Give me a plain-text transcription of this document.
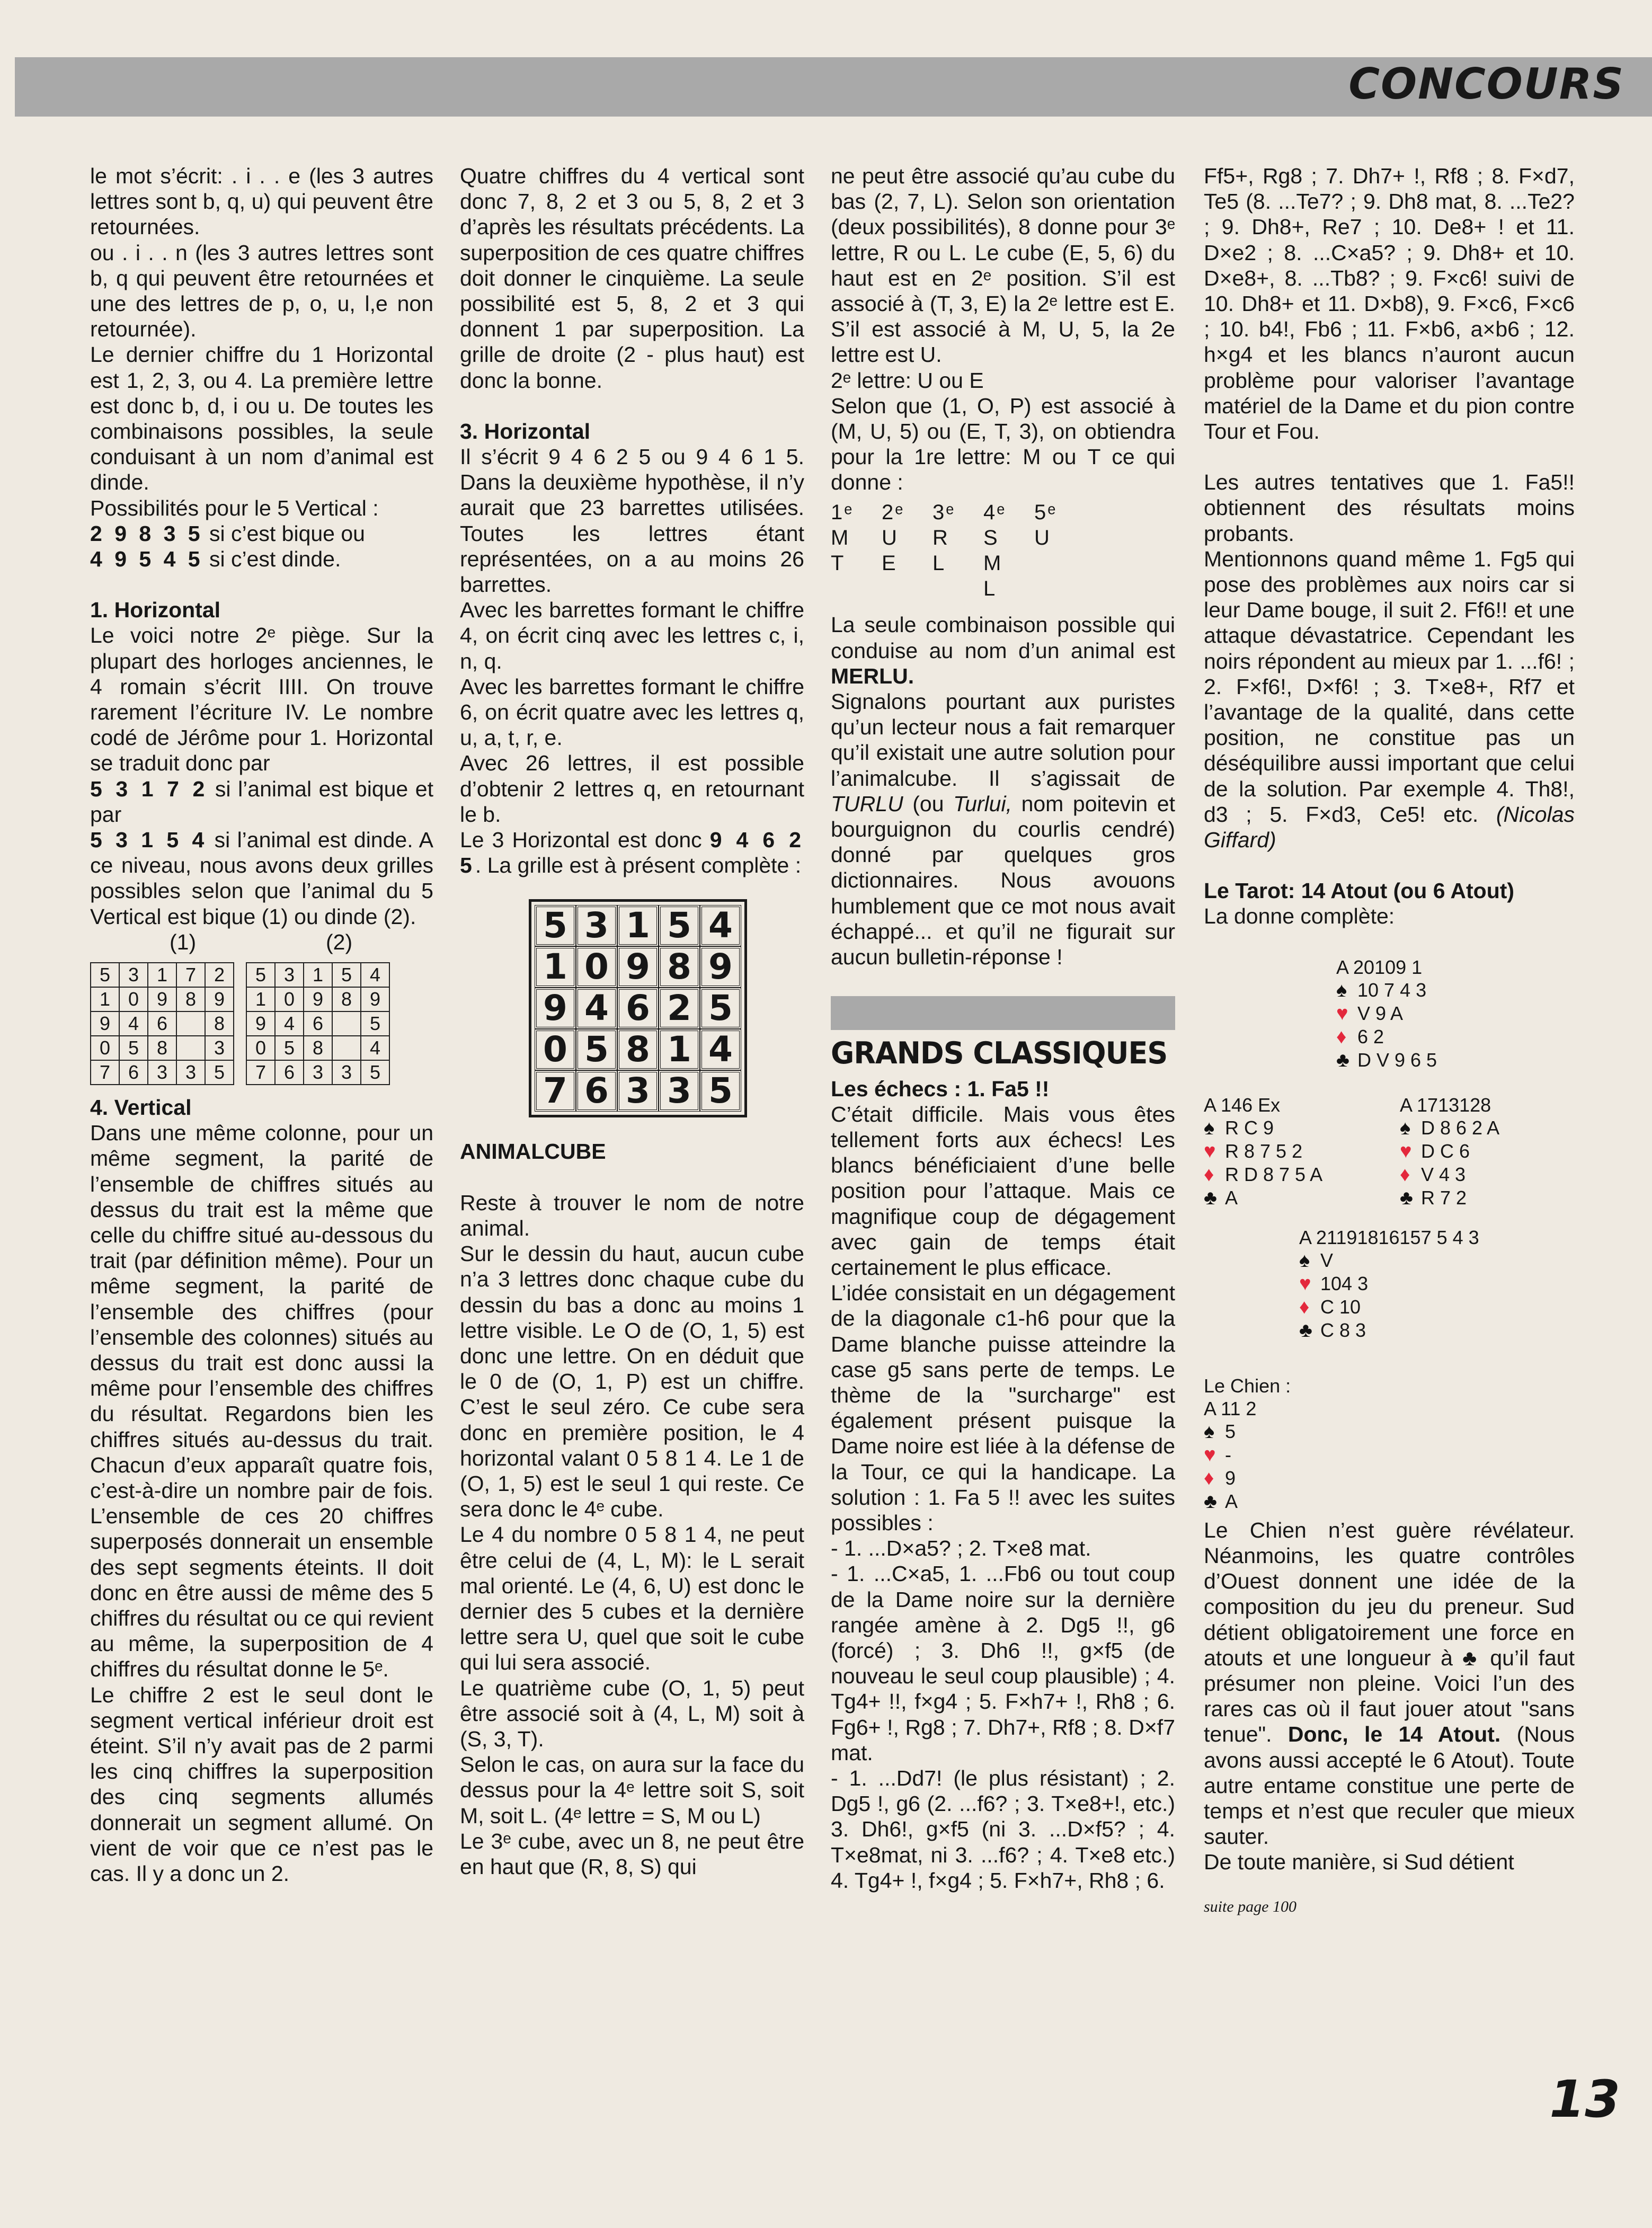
CONCOURS

le mot s’écrit: . i . . e (les 3 autres lettres sont b, q, u) qui peuvent être retournées.

ou . i . . n (les 3 autres lettres sont b, q qui peuvent être retournées et une des lettres de p, o, u, l,e non retournée).

Le dernier chiffre du 1 Horizontal est 1, 2, 3, ou 4. La première lettre est donc b, d, i ou u. De toutes les combinaisons possibles, la seule conduisant à un nom d’animal est dinde.

Possibilités pour le 5 Vertical :

2 9 8 3 5 si c’est bique ou

4 9 5 4 5 si c’est dinde.

1. Horizontal

Le voici notre 2ᵉ piège. Sur la plupart des horloges anciennes, le 4 romain s’écrit IIII. On trouve rarement l’écriture IV. Le nombre codé de Jérôme pour 1. Horizontal se traduit donc par

5 3 1 7 2 si l’animal est bique et par

5 3 1 5 4 si l’animal est dinde. A ce niveau, nous avons deux grilles possibles selon que l’animal du 5 Vertical est bique (1) ou dinde (2).

(1)	(2)
5	3	1	7	2
1	0	9	8	9
9	4	6		8
0	5	8		3
7	6	3	3	5
5	3	1	5	4
1	0	9	8	9
9	4	6		5
0	5	8		4
7	6	3	3	5

4. Vertical

Dans une même colonne, pour un même segment, la parité de l’ensemble de chiffres situés au dessus du trait est la même que celle du chiffre situé au-dessous du trait (par définition même). Pour un même segment, la parité de l’ensemble des chiffres (pour l’ensemble des colonnes) situés au dessus du trait est donc aussi la même pour l’ensemble des chiffres du résultat. Regardons bien les chiffres situés au-dessus du trait. Chacun d’eux apparaît quatre fois, c’est-à-dire un nombre pair de fois. L’ensemble de ces 20 chiffres superposés donnerait un ensemble des sept segments éteints. Il doit donc en être aussi de même des 5 chiffres du résultat ou ce qui revient au même, la superposition de 4 chiffres du résultat donne le 5ᵉ.

Le chiffre 2 est le seul dont le segment vertical inférieur droit est éteint. S’il n’y avait pas de 2 parmi les cinq chiffres la superposition des cinq segments allumés donnerait un segment allumé. On vient de voir que ce n’est pas le cas. Il y a donc un 2.

Quatre chiffres du 4 vertical sont donc 7, 8, 2 et 3 ou 5, 8, 2 et 3 d’après les résultats précédents. La superposition de ces quatre chiffres doit donner le cinquième. La seule possibilité est 5, 8, 2 et 3 qui donnent 1 par superposition. La grille de droite (2 - plus haut) est donc la bonne.

3. Horizontal

Il s’écrit 9 4 6 2 5 ou 9 4 6 1 5. Dans la deuxième hypothèse, il n’y aurait que 23 barrettes utilisées. Toutes les lettres étant représentées, on a au moins 26 barrettes.

Avec les barrettes formant le chiffre 4, on écrit cinq avec les lettres c, i, n, q.

Avec les barrettes formant le chiffre 6, on écrit quatre avec les lettres q, u, a, t, r, e.

Avec 26 lettres, il est possible d’obtenir 2 lettres q, en retournant le b.

Le 3 Horizontal est donc 9 4 6 2 5. La grille est à présent complète :

5	3	1	5	4
1	0	9	8	9
9	4	6	2	5
0	5	8	1	4
7	6	3	3	5

ANIMALCUBE

Reste à trouver le nom de notre animal.

Sur le dessin du haut, aucun cube n’a 3 lettres donc chaque cube du dessin du bas a donc au moins 1 lettre visible. Le O de (O, 1, 5) est donc une lettre. On en déduit que le 0 de (O, 1, P) est un chiffre. C’est le seul zéro. Ce cube sera donc en première position, le 4 horizontal valant 0 5 8 1 4. Le 1 de (O, 1, 5) est le seul 1 qui reste. Ce sera donc le 4ᵉ cube.

Le 4 du nombre 0 5 8 1 4, ne peut être celui de (4, L, M): le L serait mal orienté. Le (4, 6, U) est donc le dernier des 5 cubes et la dernière lettre sera U, quel que soit le cube qui lui sera associé.

Le quatrième cube (O, 1, 5) peut être associé soit à (4, L, M) soit à (S, 3, T).

Selon le cas, on aura sur la face du dessus pour la 4ᵉ lettre soit S, soit M, soit L. (4ᵉ lettre = S, M ou L)

Le 3ᵉ cube, avec un 8, ne peut être en haut que (R, 8, S) qui

ne peut être associé qu’au cube du bas (2, 7, L). Selon son orientation (deux possibilités), 8 donne pour 3ᵉ lettre, R ou L. Le cube (E, 5, 6) du haut est en 2ᵉ position. S’il est associé à (T, 3, E) la 2ᵉ lettre est E. S’il est associé à M, U, 5, la 2e lettre est U.

2ᵉ lettre: U ou E

Selon que (1, O, P) est associé à (M, U, 5) ou (E, T, 3), on obtiendra pour la 1re lettre: M ou T ce qui donne :

1ᵉ	2ᵉ	3ᵉ	4ᵉ	5ᵉ
M	U	R	S	U
T	E	L	M	
			L	

La seule combinaison possible qui conduise au nom d’un animal est MERLU.

Signalons pourtant aux puristes qu’un lecteur nous a fait remarquer qu’il existait une autre solution pour l’animalcube. Il s’agissait de TURLU (ou Turlui, nom poitevin et bourguignon du courlis cendré) donné par quelques gros dictionnaires. Nous avouons humblement que ce mot nous avait échappé... et qu’il ne figurait sur aucun bulletin-réponse !

GRANDS CLASSIQUES

Les échecs : 1. Fa5 !!

C’était difficile. Mais vous êtes tellement forts aux échecs! Les blancs bénéficiaient d’une belle position pour l’attaque. Mais ce magnifique coup de dégagement avec gain de temps était certainement le plus efficace.

L’idée consistait en un dégagement de la diagonale c1-h6 pour que la Dame blanche puisse atteindre la case g5 sans perte de temps. Le thème de la "surcharge" est également présent puisque la Dame noire est liée à la défense de la Tour, ce qui la handicape. La solution : 1. Fa 5 !! avec les suites possibles :

- 1. ...D×a5? ; 2. T×e8 mat.

- 1. ...C×a5, 1. ...Fb6 ou tout coup de la Dame noire sur la dernière rangée amène à 2. Dg5 !!, g6 (forcé) ; 3. Dh6 !!, g×f5 (de nouveau le seul coup plausible) ; 4. Tg4+ !!, f×g4 ; 5. F×h7+ !, Rh8 ; 6. Fg6+ !, Rg8 ; 7. Dh7+, Rf8 ; 8. D×f7 mat.

- 1. ...Dd7! (le plus résistant) ; 2. Dg5 !, g6 (2. ...f6? ; 3. T×e8+!, etc.) 3. Dh6!, g×f5 (ni 3. ...D×f5? ; 4. T×e8mat, ni 3. ...f6? ; 4. T×e8 etc.) 4. Tg4+ !, f×g4 ; 5. F×h7+, Rh8 ; 6.

Ff5+, Rg8 ; 7. Dh7+ !, Rf8 ; 8. F×d7, Te5 (8. ...Te7? ; 9. Dh8 mat, 8. ...Te2? ; 9. Dh8+, Re7 ; 10. De8+ ! et 11. D×e2 ; 8. ...C×a5? ; 9. Dh8+ et 10. D×e8+, 8. ...Tb8? ; 9. F×c6! suivi de 10. Dh8+ et 11. D×b8), 9. F×c6, F×c6 ; 10. b4!, Fb6 ; 11. F×b6, a×b6 ; 12. h×g4 et les blancs n’auront aucun problème pour valoriser l’avantage matériel de la Dame et du pion contre Tour et Fou.

Les autres tentatives que 1. Fa5!! obtiennent des résultats moins probants.

Mentionnons quand même 1. Fg5 qui pose des problèmes aux noirs car si leur Dame bouge, il suit 2. Ff6!! et une attaque dévastatrice. Cependant les noirs répondent au mieux par 1. ...f6! ; 2. F×f6!, D×f6! ; 3. T×e8+, Rf7 et l’avantage de la qualité, dans cette position, ne constitue pas un déséquilibre aussi important que celui de la solution. Par exemple 4. Th8!, d3 ; 5. F×d3, Ce5! etc. (Nicolas Giffard)

Le Tarot: 14 Atout (ou 6 Atout)

La donne complète:

A 20109 1
♠ 10 7 4 3
♥ V 9 A
♦ 6 2
♣ D V 9 6 5
A 146 Ex
♠ R C 9
♥ R 8 7 5 2
♦ R D 8 7 5 A
♣ A
A 1713128
♠ D 8 6 2 A
♥ D C 6
♦ V 4 3
♣ R 7 2
A 21191816157 5 4 3
♠ V
♥ 104 3
♦ C 10
♣ C 8 3
Le Chien :
A 11 2
♠ 5
♥ -
♦ 9
♣ A

Le Chien n’est guère révélateur. Néanmoins, les quatre contrôles d’Ouest donnent une idée de la composition du jeu du preneur. Sud détient obligatoirement une force en atouts et une longueur à ♣ qu’il faut présumer non pleine. Voici l’un des rares cas où il faut jouer atout "sans tenue". Donc, le 14 Atout. (Nous avons aussi accepté le 6 Atout). Toute autre entame constitue une perte de temps et n’est que reculer que mieux sauter.

De toute manière, si Sud détient

suite page 100
13
